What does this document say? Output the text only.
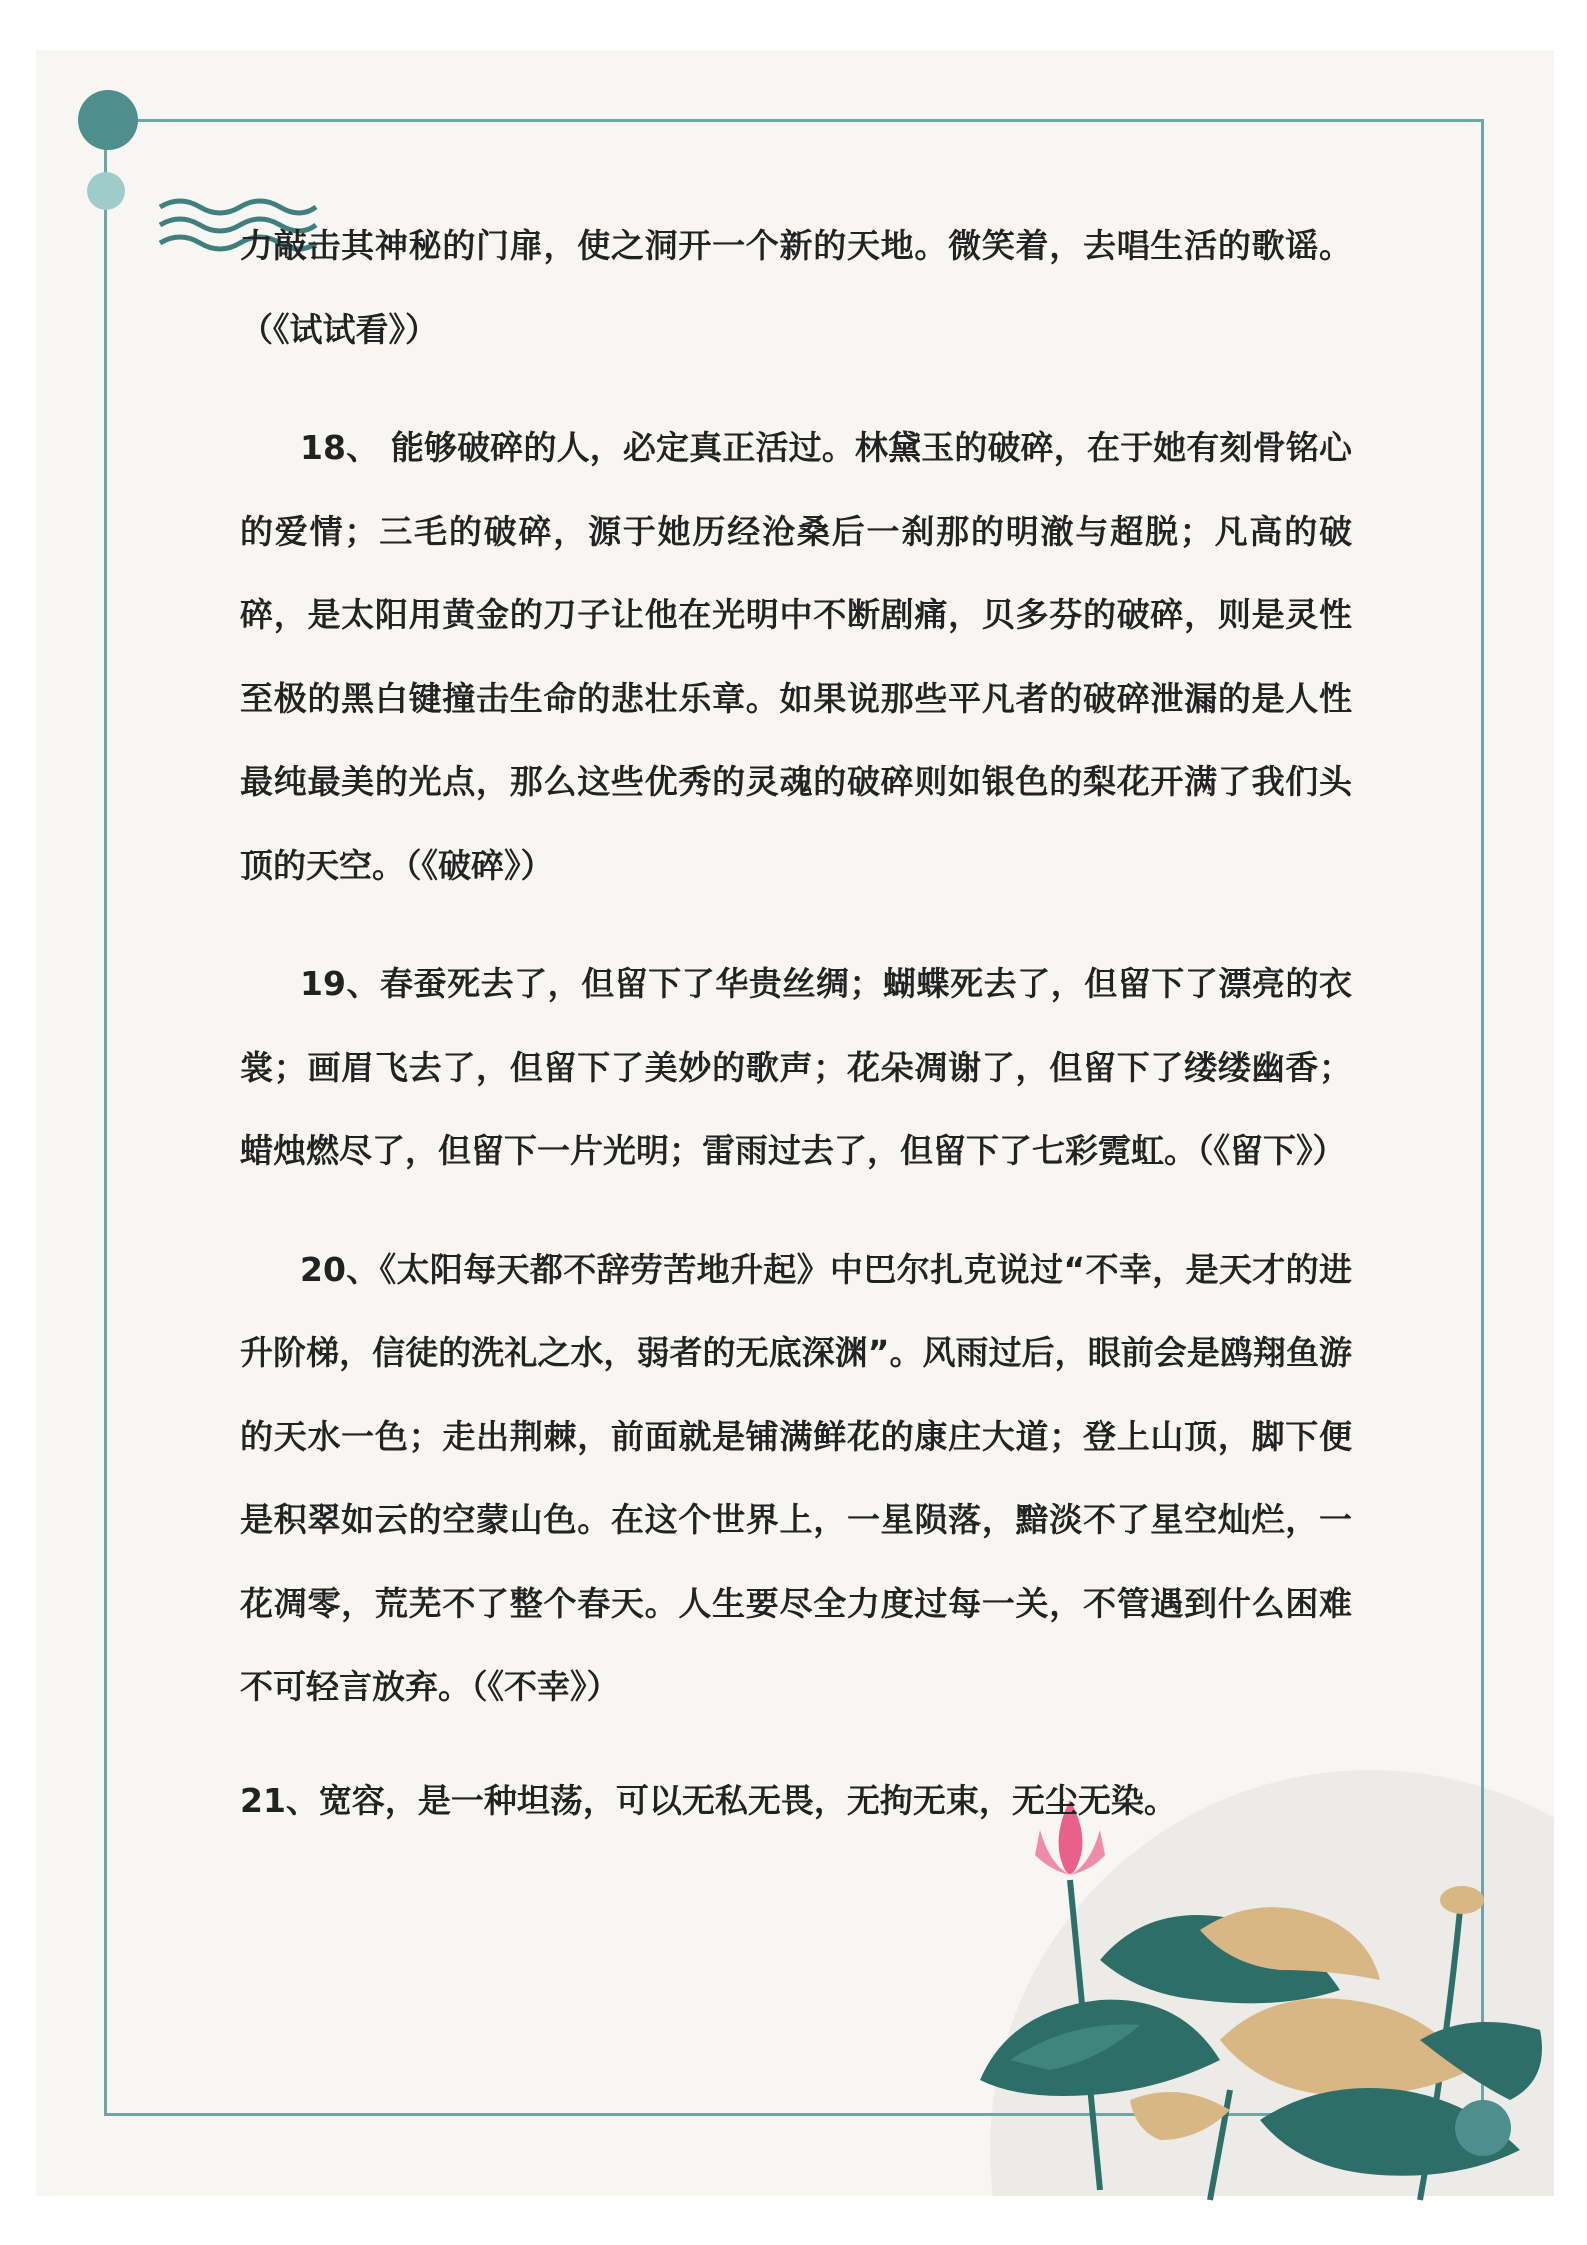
力敲击其神秘的门扉，使之洞开一个新的天地。微笑着，去唱生活的歌谣。（《试试看》）

18、 能够破碎的人，必定真正活过。林黛玉的破碎，在于她有刻骨铭心的爱情；三毛的破碎，源于她历经沧桑后一刹那的明澈与超脱；凡高的破碎，是太阳用黄金的刀子让他在光明中不断剧痛，贝多芬的破碎，则是灵性至极的黑白键撞击生命的悲壮乐章。如果说那些平凡者的破碎泄漏的是人性最纯最美的光点，那么这些优秀的灵魂的破碎则如银色的梨花开满了我们头顶的天空。（《破碎》）

19、春蚕死去了，但留下了华贵丝绸；蝴蝶死去了，但留下了漂亮的衣裳；画眉飞去了，但留下了美妙的歌声；花朵凋谢了，但留下了缕缕幽香；蜡烛燃尽了，但留下一片光明；雷雨过去了，但留下了七彩霓虹。（《留下》）

20、《太阳每天都不辞劳苦地升起》中巴尔扎克说过“不幸，是天才的进升阶梯，信徒的洗礼之水，弱者的无底深渊”。风雨过后，眼前会是鸥翔鱼游的天水一色；走出荆棘，前面就是铺满鲜花的康庄大道；登上山顶，脚下便是积翠如云的空蒙山色。在这个世界上，一星陨落，黯淡不了星空灿烂，一花凋零，荒芜不了整个春天。人生要尽全力度过每一关，不管遇到什么困难不可轻言放弃。（《不幸》）

21、宽容，是一种坦荡，可以无私无畏，无拘无束，无尘无染。
